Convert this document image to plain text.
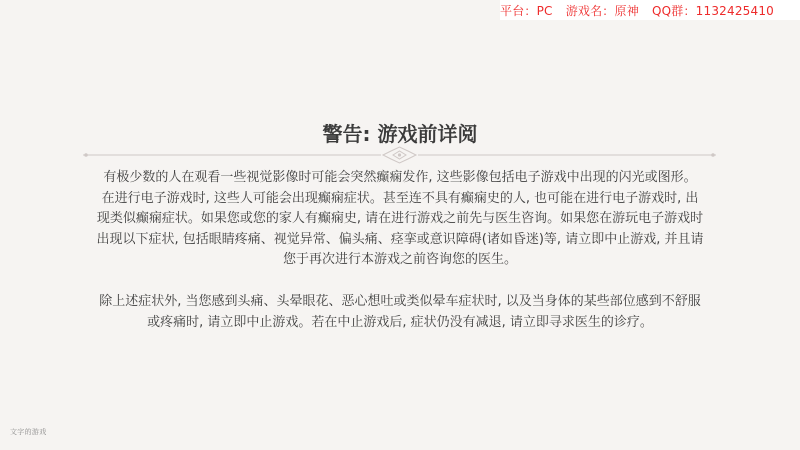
平台：PC 游戏名：原神 QQ群：1132425410
警告: 游戏前详阅
有极少数的人在观看一些视觉影像时可能会突然癫痫发作, 这些影像包括电子游戏中出现的闪光或图形。
在进行电子游戏时, 这些人可能会出现癫痫症状。甚至连不具有癫痫史的人, 也可能在进行电子游戏时, 出
现类似癫痫症状。如果您或您的家人有癫痫史, 请在进行游戏之前先与医生咨询。如果您在游玩电子游戏时
出现以下症状, 包括眼睛疼痛、视觉异常、偏头痛、痉挛或意识障碍(诸如昏迷)等, 请立即中止游戏, 并且请
您于再次进行本游戏之前咨询您的医生。
除上述症状外, 当您感到头痛、头晕眼花、恶心想吐或类似晕车症状时, 以及当身体的某些部位感到不舒服
或疼痛时, 请立即中止游戏。若在中止游戏后, 症状仍没有减退, 请立即寻求医生的诊疗。
文字的游戏
